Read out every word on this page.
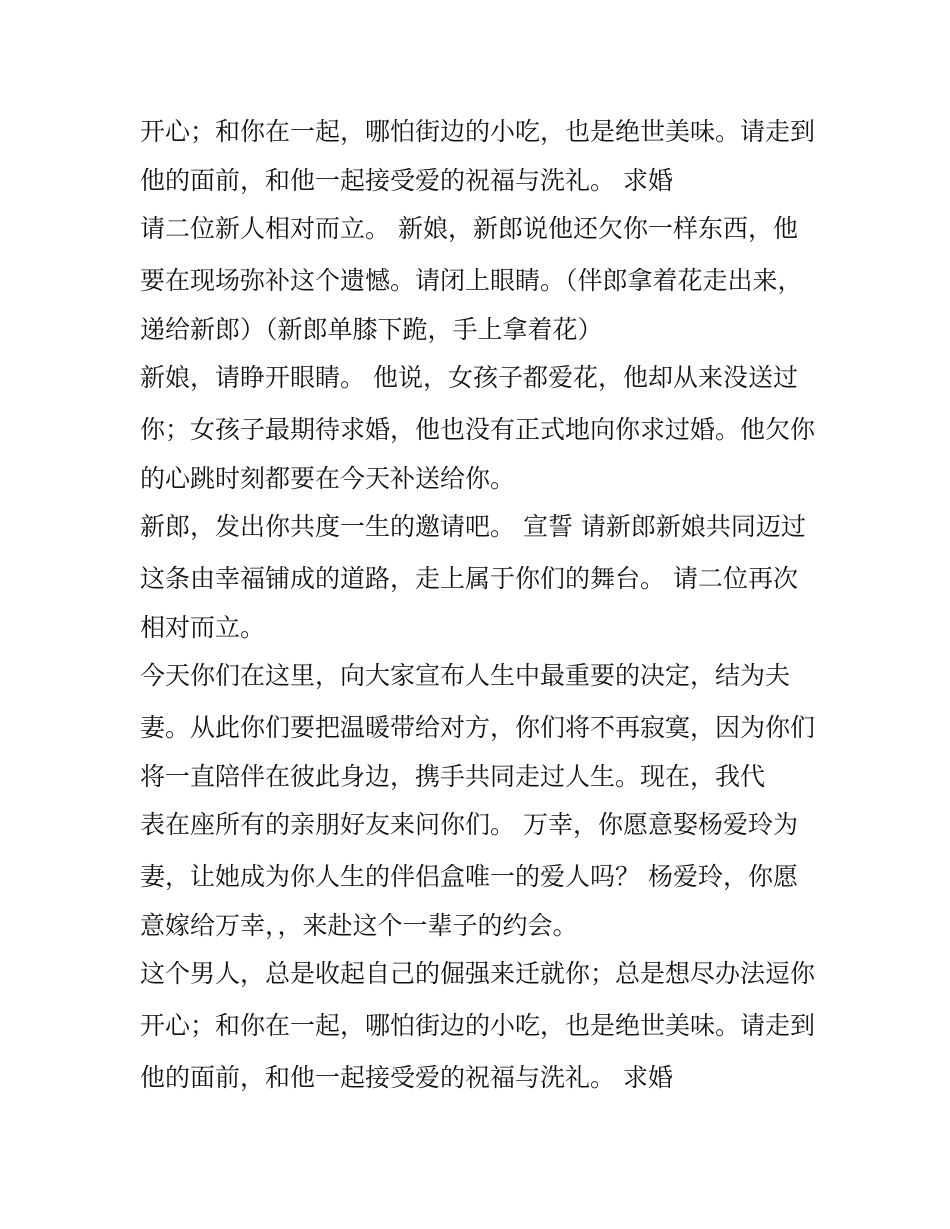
开心；和你在一起，哪怕街边的小吃，也是绝世美味。请走到
他的面前，和他一起接受爱的祝福与洗礼。 求婚
请二位新人相对而立。 新娘，新郎说他还欠你一样东西，他
要在现场弥补这个遗憾。请闭上眼睛。（伴郎拿着花走出来，
递给新郎）（新郎单膝下跪，手上拿着花）
新娘，请睁开眼睛。 他说，女孩子都爱花，他却从来没送过
你；女孩子最期待求婚，他也没有正式地向你求过婚。他欠你
的心跳时刻都要在今天补送给你。
新郎，发出你共度一生的邀请吧。 宣誓 请新郎新娘共同迈过
这条由幸福铺成的道路，走上属于你们的舞台。 请二位再次
相对而立。
今天你们在这里，向大家宣布人生中最重要的决定，结为夫
妻。从此你们要把温暖带给对方，你们将不再寂寞，因为你们
将一直陪伴在彼此身边，携手共同走过人生。现在，我代
表在座所有的亲朋好友来问你们。 万幸，你愿意娶杨爱玲为
妻，让她成为你人生的伴侣盒唯一的爱人吗？ 杨爱玲，你愿
意嫁给万幸，，来赴这个一辈子的约会。
这个男人，总是收起自己的倔强来迁就你；总是想尽办法逗你
开心；和你在一起，哪怕街边的小吃，也是绝世美味。请走到
他的面前，和他一起接受爱的祝福与洗礼。 求婚
